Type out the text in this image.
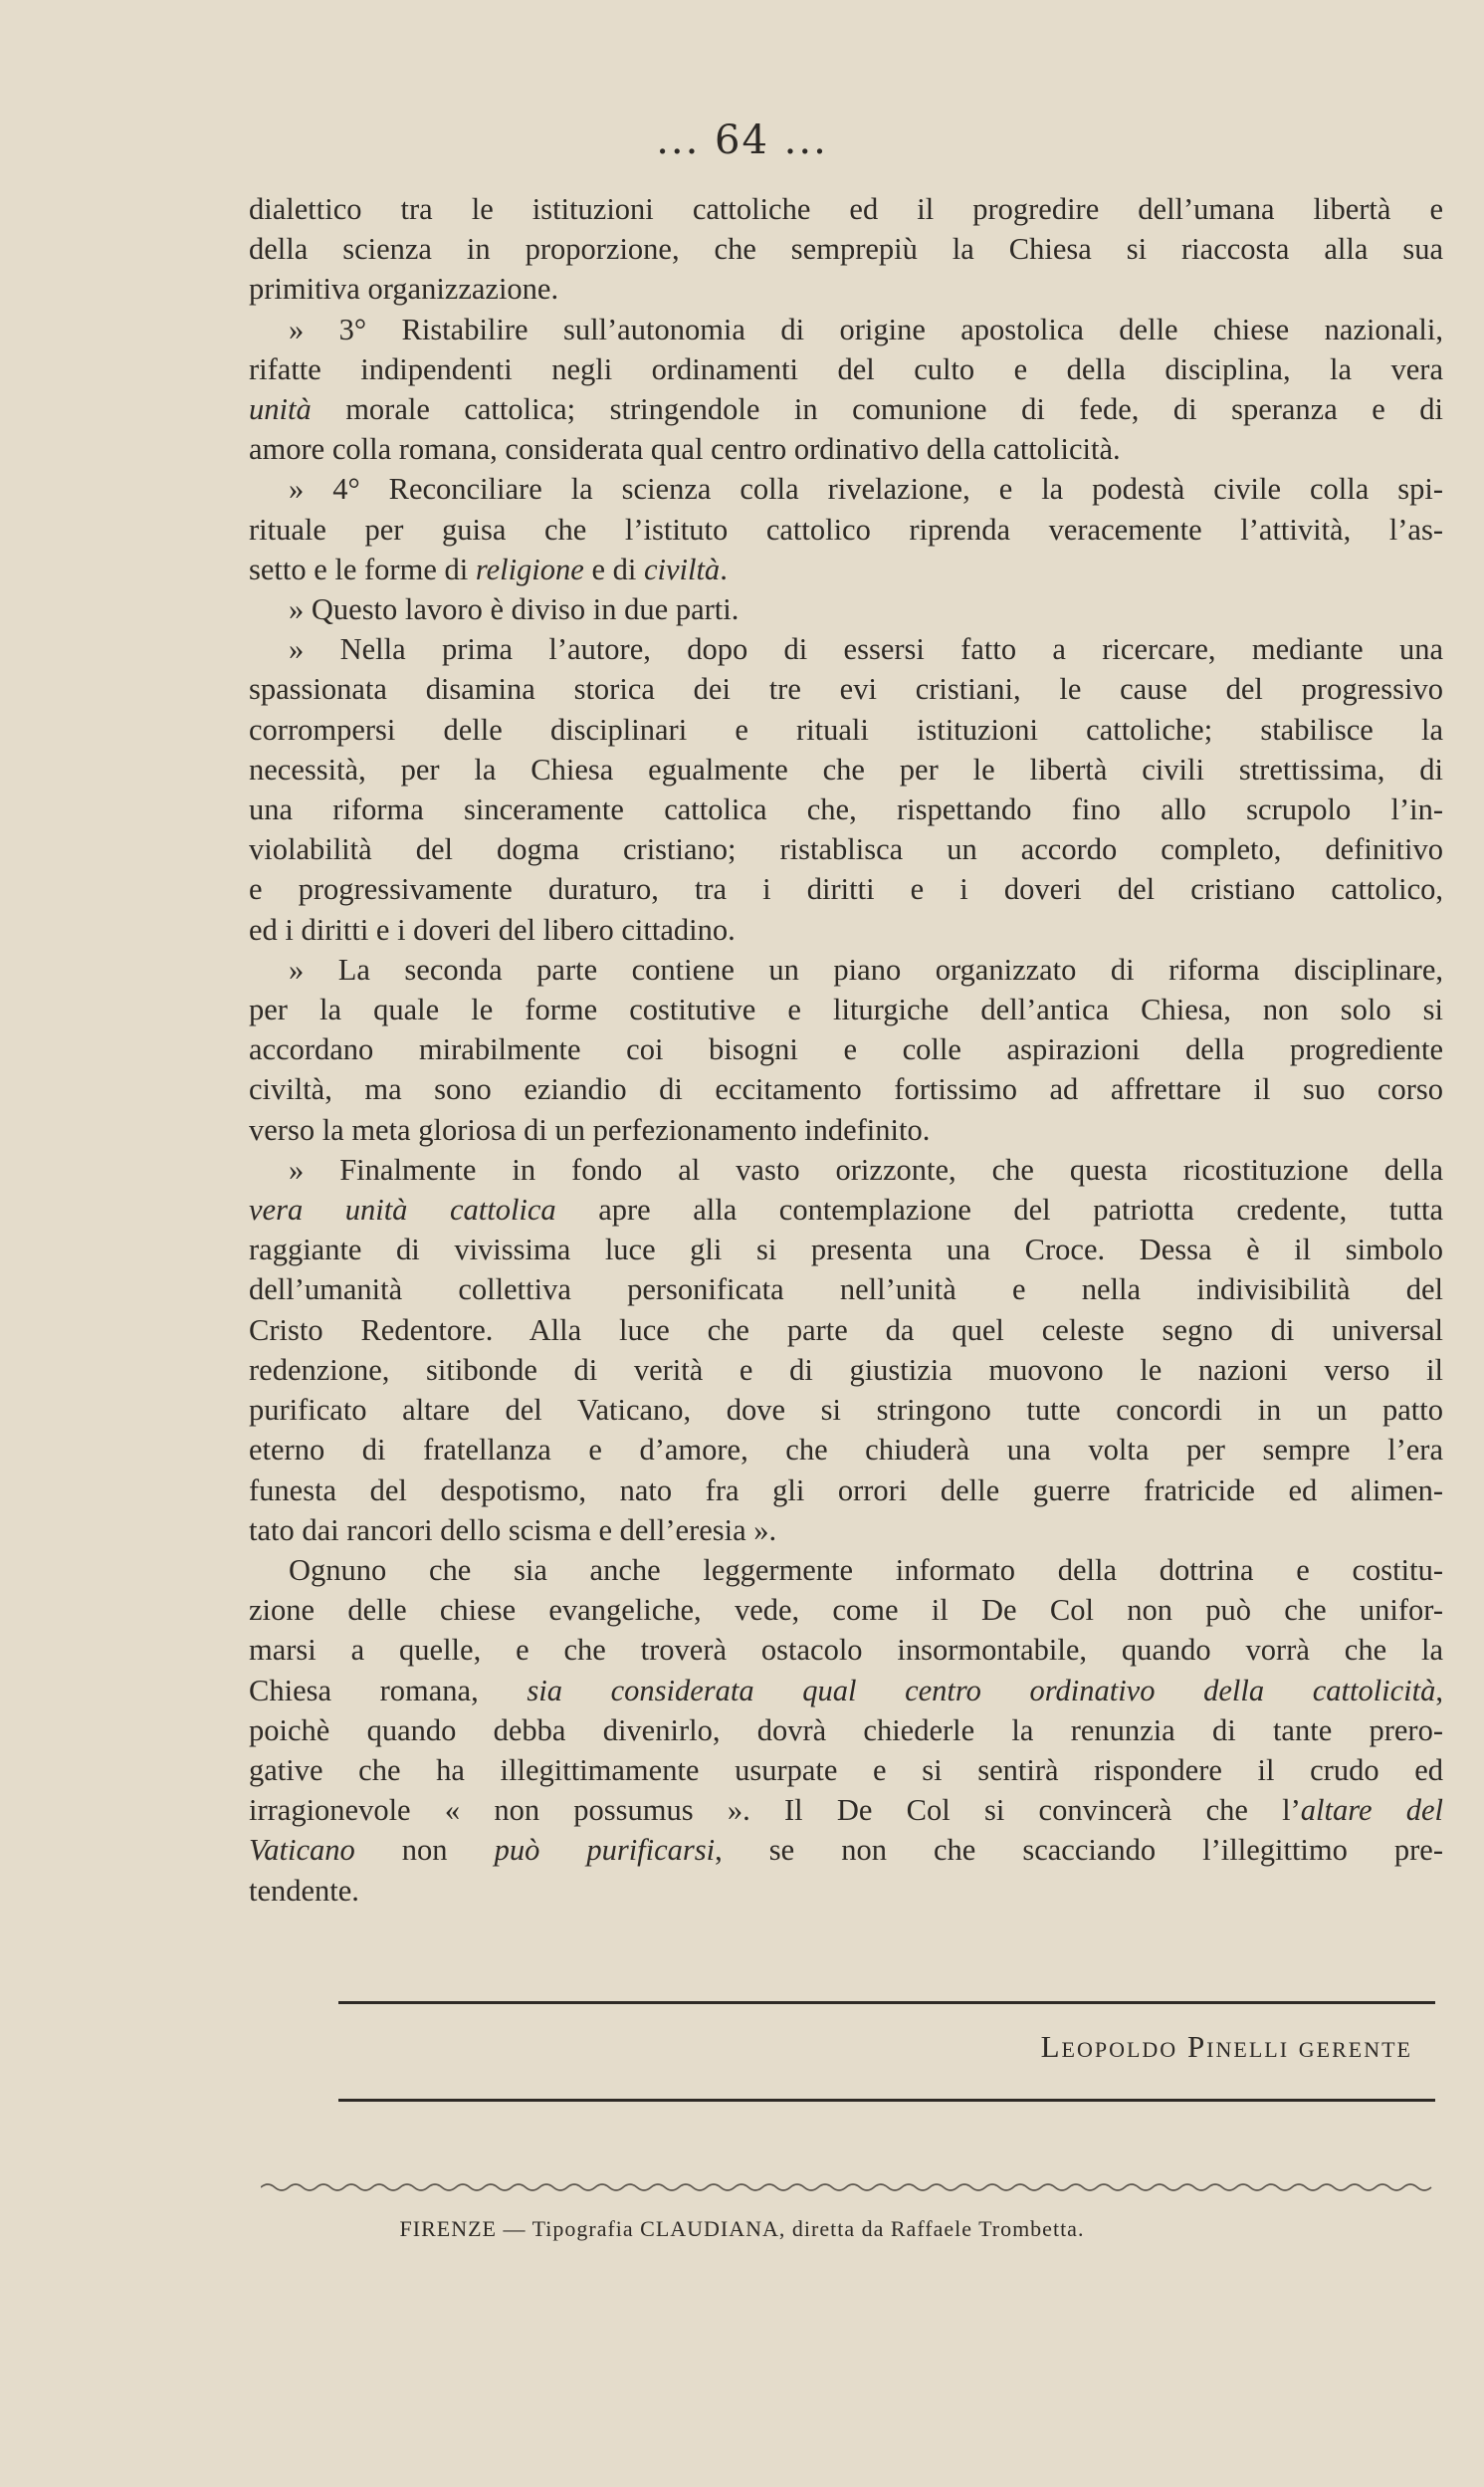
... 64 ...
dialettico tra le istituzioni cattoliche ed il progredire dell’umana libertà e
della scienza in proporzione, che semprepiù la Chiesa si riaccosta alla sua
primitiva organizzazione.
» 3° Ristabilire sull’autonomia di origine apostolica delle chiese nazionali,
rifatte indipendenti negli ordinamenti del culto e della disciplina, la vera
unità morale cattolica; stringendole in comunione di fede, di speranza e di
amore colla romana, considerata qual centro ordinativo della cattolicità.
» 4° Reconciliare la scienza colla rivelazione, e la podestà civile colla spi-
rituale per guisa che l’istituto cattolico riprenda veracemente l’attività, l’as-
setto e le forme di religione e di civiltà.
» Questo lavoro è diviso in due parti.
» Nella prima l’autore, dopo di essersi fatto a ricercare, mediante una
spassionata disamina storica dei tre evi cristiani, le cause del progressivo
corrompersi delle disciplinari e rituali istituzioni cattoliche; stabilisce la
necessità, per la Chiesa egualmente che per le libertà civili strettissima, di
una riforma sinceramente cattolica che, rispettando fino allo scrupolo l’in-
violabilità del dogma cristiano; ristablisca un accordo completo, definitivo
e progressivamente duraturo, tra i diritti e i doveri del cristiano cattolico,
ed i diritti e i doveri del libero cittadino.
» La seconda parte contiene un piano organizzato di riforma disciplinare,
per la quale le forme costitutive e liturgiche dell’antica Chiesa, non solo si
accordano mirabilmente coi bisogni e colle aspirazioni della progrediente
civiltà, ma sono eziandio di eccitamento fortissimo ad affrettare il suo corso
verso la meta gloriosa di un perfezionamento indefinito.
» Finalmente in fondo al vasto orizzonte, che questa ricostituzione della
vera unità cattolica apre alla contemplazione del patriotta credente, tutta
raggiante di vivissima luce gli si presenta una Croce. Dessa è il simbolo
dell’umanità collettiva personificata nell’unità e nella indivisibilità del
Cristo Redentore. Alla luce che parte da quel celeste segno di universal
redenzione, sitibonde di verità e di giustizia muovono le nazioni verso il
purificato altare del Vaticano, dove si stringono tutte concordi in un patto
eterno di fratellanza e d’amore, che chiuderà una volta per sempre l’era
funesta del despotismo, nato fra gli orrori delle guerre fratricide ed alimen-
tato dai rancori dello scisma e dell’eresia ».
Ognuno che sia anche leggermente informato della dottrina e costitu-
zione delle chiese evangeliche, vede, come il De Col non può che unifor-
marsi a quelle, e che troverà ostacolo insormontabile, quando vorrà che la
Chiesa romana, sia considerata qual centro ordinativo della cattolicità,
poichè quando debba divenirlo, dovrà chiederle la renunzia di tante prero-
gative che ha illegittimamente usurpate e si sentirà rispondere il crudo ed
irragionevole « non possumus ». Il De Col si convincerà che l’altare del
Vaticano non può purificarsi, se non che scacciando l’illegittimo pre-
tendente.
Leopoldo Pinelli gerente
FIRENZE — Tipografia CLAUDIANA, diretta da Raffaele Trombetta.
